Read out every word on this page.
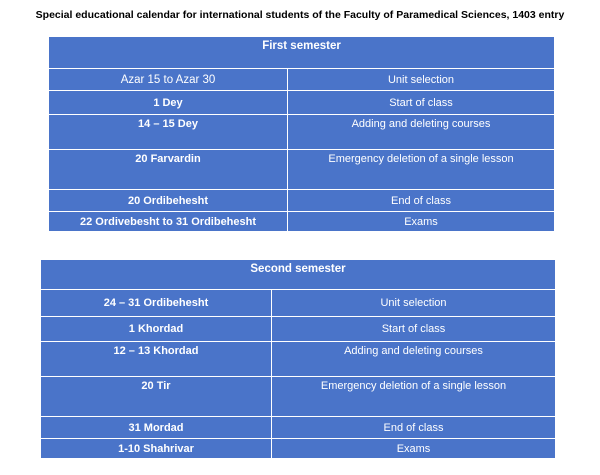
Special educational calendar for international students of the Faculty of Paramedical Sciences, 1403 entry
First semester	
Azar 15 to Azar 30	Unit selection
1 Dey	Start of class
14 – 15 Dey	Adding and deleting courses
20 Farvardin	Emergency deletion of a single lesson
20 Ordibehesht	End of class
22 Ordivebesht to 31 Ordibehesht	Exams
Second semester	
24 – 31 Ordibehesht	Unit selection
1 Khordad	Start of class
12 – 13 Khordad	Adding and deleting courses
20 Tir	Emergency deletion of a single lesson
31 Mordad	End of class
1-10 Shahrivar	Exams
